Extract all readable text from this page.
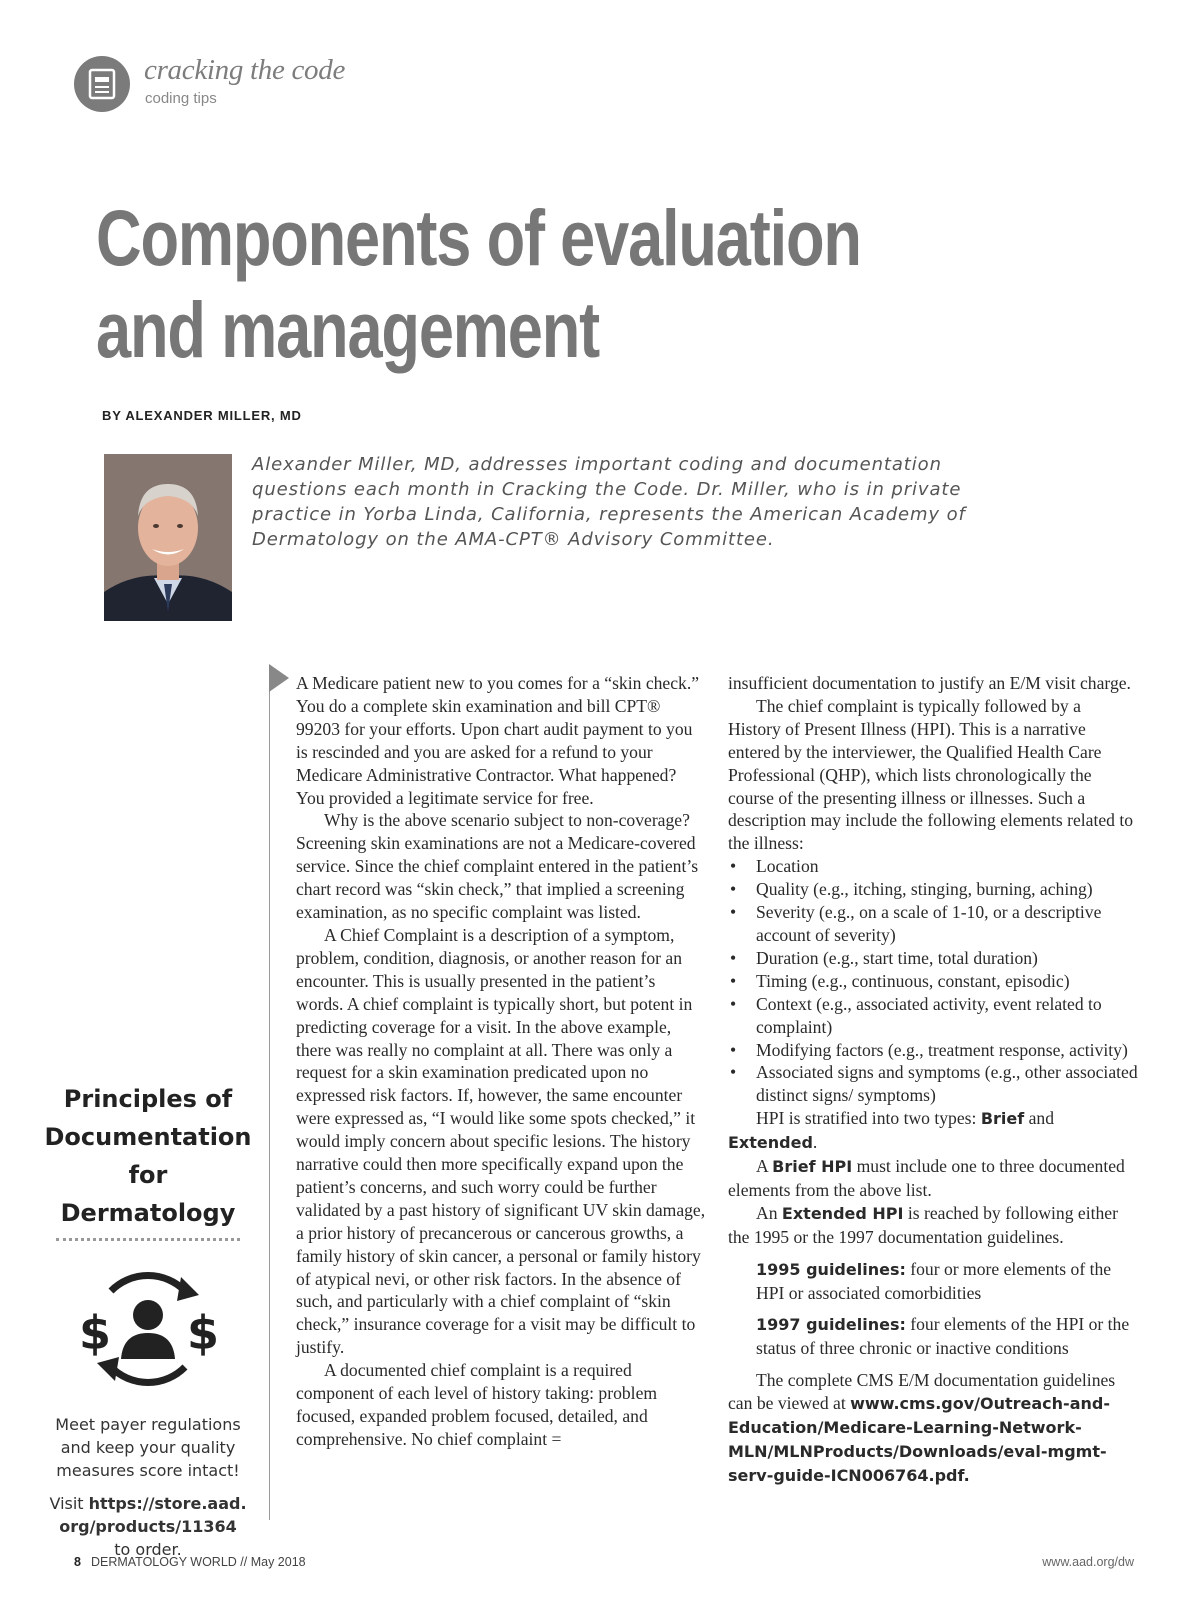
cracking the code
coding tips
Components of evaluation
and management
BY ALEXANDER MILLER, MD
Alexander Miller, MD, addresses important coding and documentation questions each month in Cracking the Code. Dr. Miller, who is in private practice in Yorba Linda, California, represents the American Academy of Dermatology on the AMA-CPT® Advisory Committee.
Principles of
Documentation
for Dermatology
$ $
Meet payer regulations
and keep your quality
measures score intact!
Visit https://store.aad.
org/products/11364
to order.

A Medicare patient new to you comes for a “skin check.” You do a complete skin examination and bill CPT® 99203 for your efforts. Upon chart audit payment to you is rescinded and you are asked for a refund to your Medicare Administrative Contractor. What happened? You provided a legitimate service for free.

Why is the above scenario subject to non-coverage? Screening skin examinations are not a Medicare-covered service. Since the chief complaint entered in the patient’s chart record was “skin check,” that implied a screening examination, as no specific complaint was listed.

A Chief Complaint is a description of a symptom, problem, condition, diagnosis, or another reason for an encounter. This is usually presented in the patient’s words. A chief complaint is typically short, but potent in predicting coverage for a visit. In the above example, there was really no complaint at all. There was only a request for a skin examination predicated upon no expressed risk factors. If, however, the same encounter were expressed as, “I would like some spots checked,” it would imply concern about specific lesions. The history narrative could then more specifically expand upon the patient’s concerns, and such worry could be further validated by a past history of significant UV skin damage, a prior history of precancerous or cancerous growths, a family history of skin cancer, a personal or family history of atypical nevi, or other risk factors. In the absence of such, and particularly with a chief complaint of “skin check,” insurance coverage for a visit may be difficult to justify.

A documented chief complaint is a required component of each level of history taking: problem focused, expanded problem focused, detailed, and comprehensive. No chief complaint =

insufficient documentation to justify an E/M visit charge.

The chief complaint is typically followed by a History of Present Illness (HPI). This is a narrative entered by the interviewer, the Qualified Health Care Professional (QHP), which lists chronologically the course of the presenting illness or illnesses. Such a description may include the following elements related to the illness:

• Location
• Quality (e.g., itching, stinging, burning, aching)
• Severity (e.g., on a scale of 1-10, or a descriptive account of severity)
• Duration (e.g., start time, total duration)
• Timing (e.g., continuous, constant, episodic)
• Context (e.g., associated activity, event related to complaint)
• Modifying factors (e.g., treatment response, activity)
• Associated signs and symptoms (e.g., other associated distinct signs/ symptoms)

HPI is stratified into two types: Brief and Extended.

A Brief HPI must include one to three documented elements from the above list.

An Extended HPI is reached by following either the 1995 or the 1997 documentation guidelines.

1995 guidelines: four or more elements of the HPI or associated comorbidities

1997 guidelines: four elements of the HPI or the status of three chronic or inactive conditions

The complete CMS E/M documentation guidelines can be viewed at www.cms.gov/Outreach-and-Education/Medicare-Learning-Network-MLN/MLNProducts/Downloads/eval-mgmt-serv-guide-ICN006764.pdf.

8 DERMATOLOGY WORLD // May 2018	www.aad.org/dw
